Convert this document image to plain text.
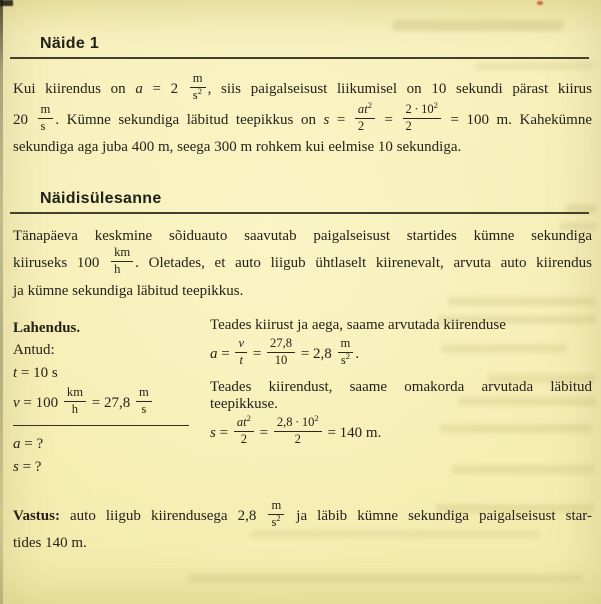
Näide 1
Kui kiirendus on $a = 2 \frac{m}{s^2}$ , siis paigalseisust liikumisel on 10 sekundi pärast kiirus
$20 \frac{m}{s}$ . Kümne sekundiga läbitud teepikkus on $s = \frac{at^2}{2} = \frac{2 \cdot 10^2}{2} = 100$ m. Kahekümne
sekundiga aga juba 400 m, seega 300 m rohkem kui eelmise 10 sekundiga.
Näidisülesanne
Tänapäeva keskmine sõiduauto saavutab paigalseisust startides kümne sekundiga
kiiruseks $100 \frac{km}{h}$ . Oletades, et auto liigub ühtlaselt kiirenevalt, arvuta auto kiirendus
ja kümne sekundiga läbitud teepikkus.
Lahendus.
Antud:
t = 10 s
$v = 100 \frac{km}{h} = 27,8 \frac{m}{s}$
a = ?
s = ?
Teades kiirust ja aega, saame arvutada kiirenduse
$a = \frac{v}{t} = \frac{27,8}{10} = 2,8 \frac{m}{s^2}$ .
Teades kiirendust, saame omakorda arvutada läbitud
teepikkuse.
$s = \frac{at^2}{2} = \frac{2,8 \cdot 10^2}{2} = 140$ m.
Vastus: auto liigub kiirendusega $2,8 \frac{m}{s^2}$ ja läbib kümne sekundiga paigalseisust star-
tides 140 m.
